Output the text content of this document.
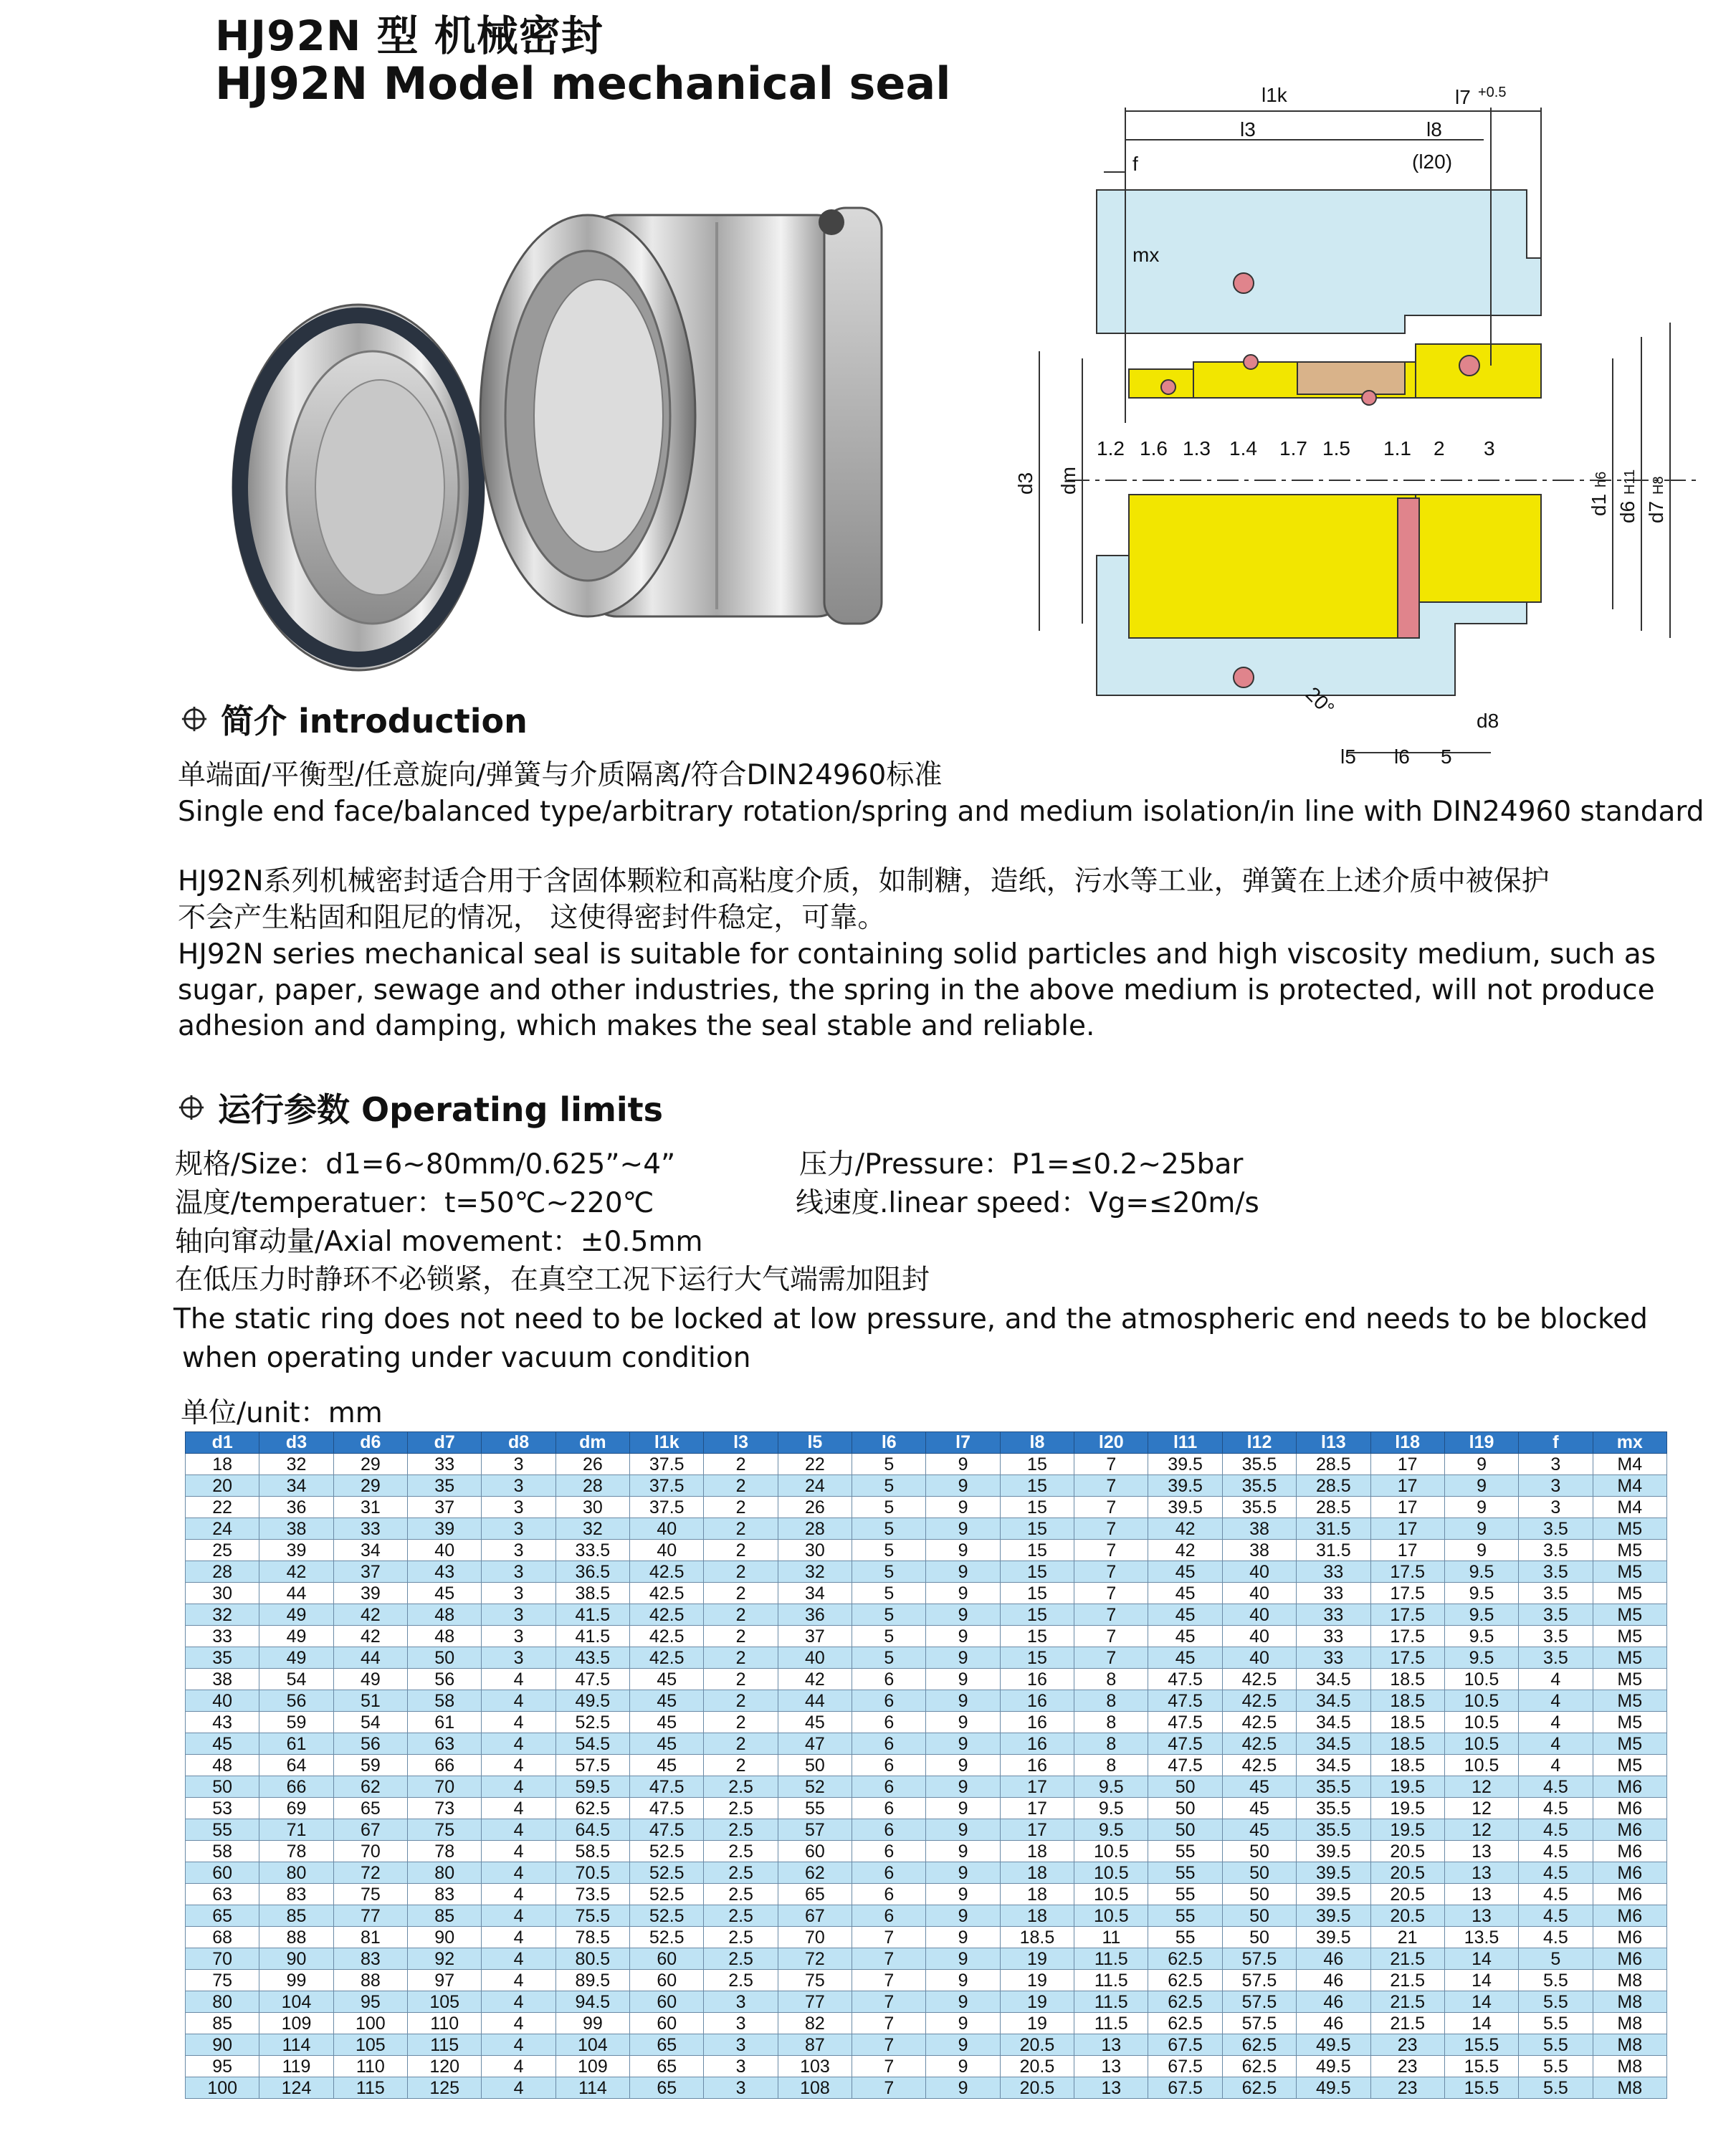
HJ92N 型 机械密封
HJ92N Model mechanical seal	l1k	l7 +0.5
l3	l8
(l20)
f
mx
1.2 1.6 1.3 1.4 1.7 1.5 1.1 2 3
d3 dm
d1
h6
d6
H11
d7
H8
20°
d8
l5 l6 5
简介 introduction
单端面/平衡型/任意旋向/弹簧与介质隔离/符合DIN24960标准
Single end face/balanced type/arbitrary rotation/spring and medium isolation/in line with DIN24960 standard
HJ92N系列机械密封适合用于含固体颗粒和高粘度介质，如制糖，造纸，污水等工业，弹簧在上述介质中被保护
不会产生粘固和阻尼的情况， 这使得密封件稳定，可靠。
HJ92N series mechanical seal is suitable for containing solid particles and high viscosity medium, such as
sugar, paper, sewage and other industries, the spring in the above medium is protected, will not produce
adhesion and damping, which makes the seal stable and reliable.
运行参数 Operating limits
规格/Size：d1=6~80mm/0.625”~4”	压力/Pressure：P1=≤0.2~25bar
温度/temperatuer：t=50℃~220℃	线速度.linear speed：Vg=≤20m/s
轴向窜动量/Axial movement：±0.5mm
在低压力时静环不必锁紧，在真空工况下运行大气端需加阻封
The static ring does not need to be locked at low pressure, and the atmospheric end needs to be blocked
when operating under vacuum condition
单位/unit：mm
d1	d3	d6	d7	d8	dm	l1k	l3	l5	l6	l7	l8	l20	l11	l12	l13	l18	l19	f	mx
18	32	29	33	3	26	37.5	2	22	5	9	15	7	39.5	35.5	28.5	17	9	3	M4
20	34	29	35	3	28	37.5	2	24	5	9	15	7	39.5	35.5	28.5	17	9	3	M4
22	36	31	37	3	30	37.5	2	26	5	9	15	7	39.5	35.5	28.5	17	9	3	M4
24	38	33	39	3	32	40	2	28	5	9	15	7	42	38	31.5	17	9	3.5	M5
25	39	34	40	3	33.5	40	2	30	5	9	15	7	42	38	31.5	17	9	3.5	M5
28	42	37	43	3	36.5	42.5	2	32	5	9	15	7	45	40	33	17.5	9.5	3.5	M5
30	44	39	45	3	38.5	42.5	2	34	5	9	15	7	45	40	33	17.5	9.5	3.5	M5
32	49	42	48	3	41.5	42.5	2	36	5	9	15	7	45	40	33	17.5	9.5	3.5	M5
33	49	42	48	3	41.5	42.5	2	37	5	9	15	7	45	40	33	17.5	9.5	3.5	M5
35	49	44	50	3	43.5	42.5	2	40	5	9	15	7	45	40	33	17.5	9.5	3.5	M5
38	54	49	56	4	47.5	45	2	42	6	9	16	8	47.5	42.5	34.5	18.5	10.5	4	M5
40	56	51	58	4	49.5	45	2	44	6	9	16	8	47.5	42.5	34.5	18.5	10.5	4	M5
43	59	54	61	4	52.5	45	2	45	6	9	16	8	47.5	42.5	34.5	18.5	10.5	4	M5
45	61	56	63	4	54.5	45	2	47	6	9	16	8	47.5	42.5	34.5	18.5	10.5	4	M5
48	64	59	66	4	57.5	45	2	50	6	9	16	8	47.5	42.5	34.5	18.5	10.5	4	M5
50	66	62	70	4	59.5	47.5	2.5	52	6	9	17	9.5	50	45	35.5	19.5	12	4.5	M6
53	69	65	73	4	62.5	47.5	2.5	55	6	9	17	9.5	50	45	35.5	19.5	12	4.5	M6
55	71	67	75	4	64.5	47.5	2.5	57	6	9	17	9.5	50	45	35.5	19.5	12	4.5	M6
58	78	70	78	4	58.5	52.5	2.5	60	6	9	18	10.5	55	50	39.5	20.5	13	4.5	M6
60	80	72	80	4	70.5	52.5	2.5	62	6	9	18	10.5	55	50	39.5	20.5	13	4.5	M6
63	83	75	83	4	73.5	52.5	2.5	65	6	9	18	10.5	55	50	39.5	20.5	13	4.5	M6
65	85	77	85	4	75.5	52.5	2.5	67	6	9	18	10.5	55	50	39.5	20.5	13	4.5	M6
68	88	81	90	4	78.5	52.5	2.5	70	7	9	18.5	11	55	50	39.5	21	13.5	4.5	M6
70	90	83	92	4	80.5	60	2.5	72	7	9	19	11.5	62.5	57.5	46	21.5	14	5	M6
75	99	88	97	4	89.5	60	2.5	75	7	9	19	11.5	62.5	57.5	46	21.5	14	5.5	M8
80	104	95	105	4	94.5	60	3	77	7	9	19	11.5	62.5	57.5	46	21.5	14	5.5	M8
85	109	100	110	4	99	60	3	82	7	9	19	11.5	62.5	57.5	46	21.5	14	5.5	M8
90	114	105	115	4	104	65	3	87	7	9	20.5	13	67.5	62.5	49.5	23	15.5	5.5	M8
95	119	110	120	4	109	65	3	103	7	9	20.5	13	67.5	62.5	49.5	23	15.5	5.5	M8
100	124	115	125	4	114	65	3	108	7	9	20.5	13	67.5	62.5	49.5	23	15.5	5.5	M8
